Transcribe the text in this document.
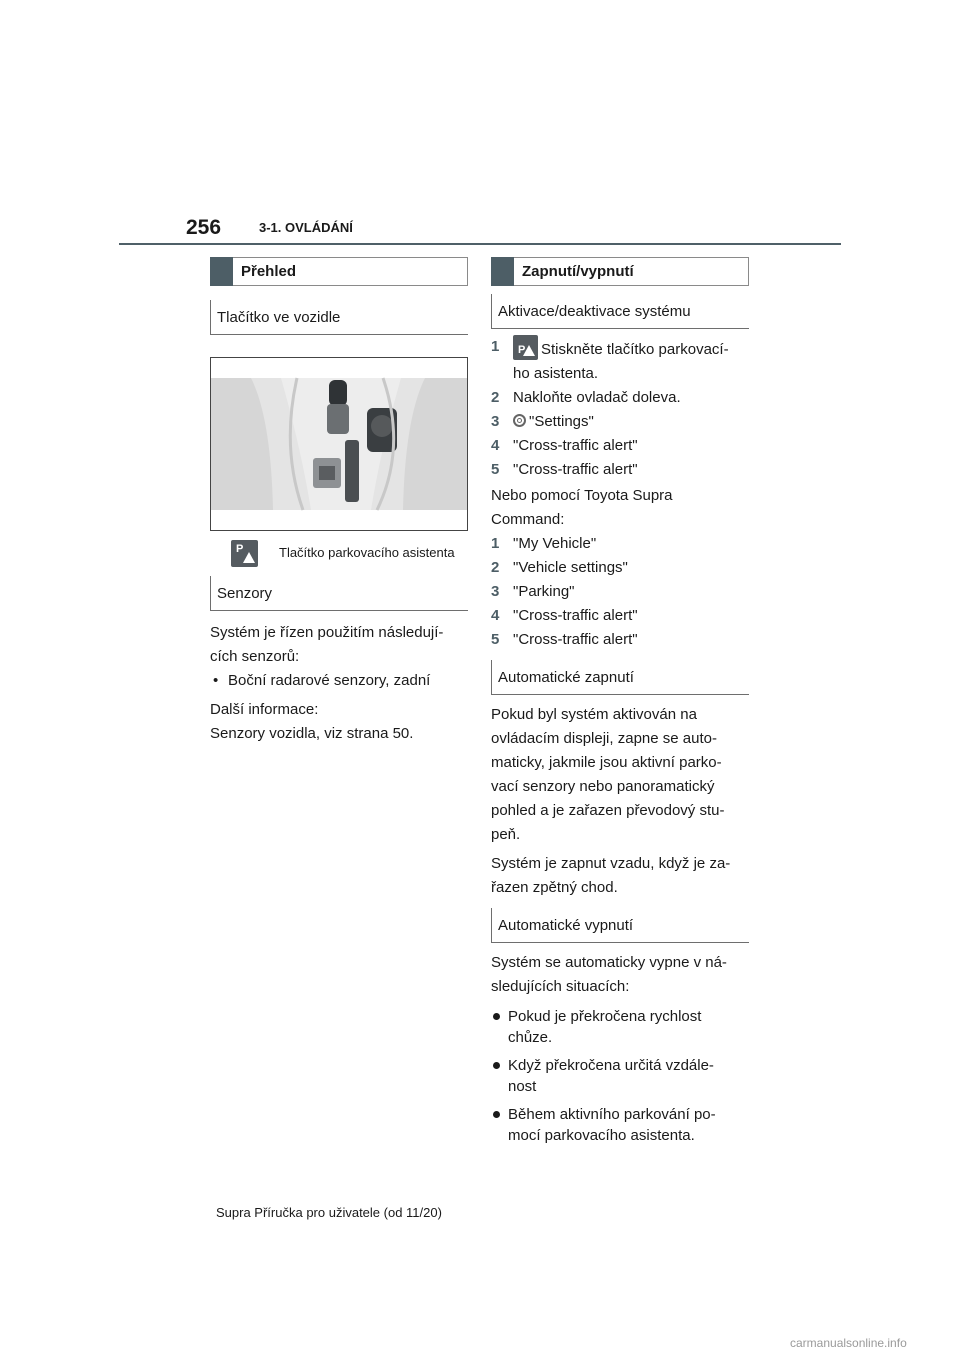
256	3-1. OVLÁDÁNÍ
Přehled
Tlačítko ve vozidle
P	Tlačítko parkovacího asistenta
Senzory

Systém je řízen použitím následují-

cích senzorů:

• Boční radarové senzory, zadní

Další informace:

Senzory vozidla, viz strana 50.

Zapnutí/vypnutí
Aktivace/deaktivace systému
1 P Stiskněte tlačítko parkovací-
ho asistenta.
2 Nakloňte ovladač doleva.
3 "Settings"
4 "Cross-traffic alert"
5 "Cross-traffic alert"

Nebo pomocí Toyota Supra

Command:

1 "My Vehicle"
2 "Vehicle settings"
3 "Parking"
4 "Cross-traffic alert"
5 "Cross-traffic alert"
Automatické zapnutí

Pokud byl systém aktivován na

ovládacím displeji, zapne se auto-

maticky, jakmile jsou aktivní parko-

vací senzory nebo panoramatický

pohled a je zařazen převodový stu-

peň.

Systém je zapnut vzadu, když je za-

řazen zpětný chod.

Automatické vypnutí

Systém se automaticky vypne v ná-

sledujících situacích:

Pokud je překročena rychlost
chůze.
Když překročena určitá vzdále-
nost
Během aktivního parkování po-
mocí parkovacího asistenta.
Supra Příručka pro uživatele (od 11/20)
carmanualsonline.info
